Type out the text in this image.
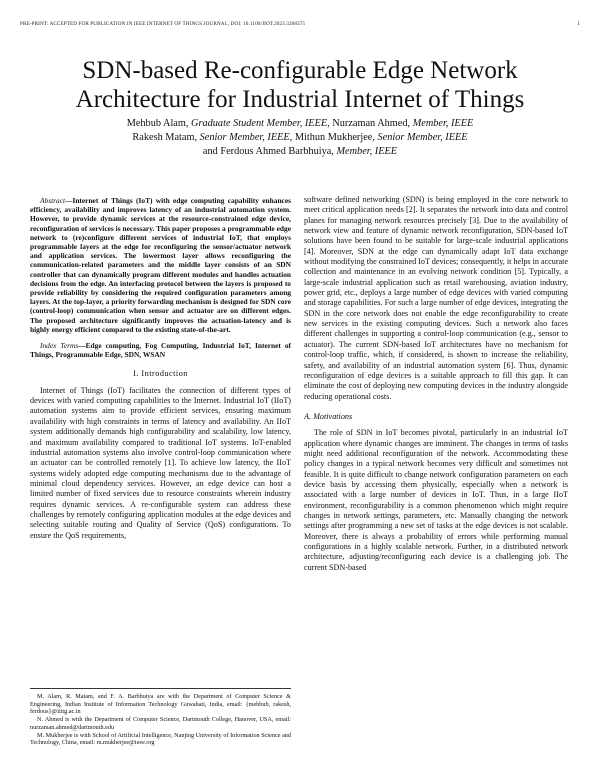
PRE-PRINT: ACCEPTED FOR PUBLICATION IN IEEE INTERNET OF THINGS JOURNAL, DOI: 10.1109/JIOT.2023.3268375	1
SDN-based Re-configurable Edge Network Architecture for Industrial Internet of Things
Mehbub Alam, Graduate Student Member, IEEE, Nurzaman Ahmed, Member, IEEE
Rakesh Matam, Senior Member, IEEE, Mithun Mukherjee, Senior Member, IEEE
and Ferdous Ahmed Barbhuiya, Member, IEEE
Abstract—Internet of Things (IoT) with edge computing capability enhances efficiency, availability and improves latency of an industrial automation system. However, to provide dynamic services at the resource-constrained edge device, reconfiguration of services is necessary. This paper proposes a programmable edge network to (re)configure different services of industrial IoT, that employs programmable layers at the edge for reconfiguring the sensor/actuator network and application services. The lowermost layer allows reconfiguring the communication-related parameters and the middle layer consists of an SDN controller that can dynamically program different modules and handles actuation decisions from the edge. An interfacing protocol between the layers is proposed to provide reliability by considering the required configuration parameters among layers. At the top-layer, a priority forwarding mechanism is designed for SDN core (control-loop) communication when sensor and actuator are on different edges. The proposed architecture significantly improves the actuation-latency and is highly energy efficient compared to the existing state-of-the-art.
Index Terms—Edge computing, Fog Computing, Industrial IoT, Internet of Things, Programmable Edge, SDN, WSAN
I. Introduction
Internet of Things (IoT) facilitates the connection of different types of devices with varied computing capabilities to the Internet. Industrial IoT (IIoT) automation systems aim to provide efficient services, ensuring maximum availability with high constraints in terms of latency and availability. An IIoT system additionally demands high configurability and scalability, low latency, and maximum availability compared to traditional IoT systems. IoT-enabled industrial automation systems also involve control-loop communication where an actuator can be controlled remotely [1]. To achieve low latency, the IIoT systems widely adopted edge computing mechanisms due to the advantage of minimal cloud dependency services. However, an edge device can host a limited number of fixed services due to resource constraints wherein industry requires dynamic services. A re-configurable system can address these challenges by remotely configuring application modules at the edge devices and selecting suitable routing and Quality of Service (QoS) configurations. To ensure the QoS requirements,
software defined networking (SDN) is being employed in the core network to meet critical application needs [2]. It separates the network into data and control planes for managing network resources precisely [3]. Due to the availability of network view and feature of dynamic network reconfiguration, SDN-based IoT solutions have been found to be suitable for large-scale industrial applications [4]. Moreover, SDN at the edge can dynamically adapt IoT data exchange without modifying the constrained IoT devices; consequently, it helps in accurate collection and maintenance in an evolving network condition [5]. Typically, a large-scale industrial application such as retail warehousing, aviation industry, power grid, etc., deploys a large number of edge devices with varied computing and storage capabilities. For such a large number of edge devices, integrating the SDN in the core network does not enable the edge reconfigurability to create new services in the existing computing devices. Such a network also faces different challenges in supporting a control-loop communication (e.g., sensor to actuator). The current SDN-based IoT architectures have no mechanism for control-loop traffic, which, if considered, is shown to increase the reliability, safety, and availability of an industrial automation system [6]. Thus, dynamic reconfiguration of edge devices is a suitable approach to fill this gap. It can eliminate the cost of deploying new computing devices in the industry alongside reducing operational costs.
A. Motivations
The role of SDN in IoT becomes pivotal, particularly in an industrial IoT application where dynamic changes are imminent. The changes in terms of tasks might need additional reconfiguration of the network. Accommodating these policy changes in a typical network becomes very difficult and sometimes not feasible. It is quite difficult to change network configuration parameters on each device basis by accessing them physically, especially when a network is associated with a large number of devices in IoT. Thus, in a large IIoT environment, reconfigurability is a common phenomenon which might require changes in network settings, parameters, etc. Manually changing the network settings after programming a new set of tasks at the edge devices is not scalable. Moreover, there is always a probability of errors while performing manual configurations in a highly scalable network. Further, in a distributed network architecture, adjusting/reconfiguring each device is a challenging job. The current SDN-based

M. Alam, R. Matam, and F. A. Barbhuiya are with the Department of Computer Science & Engineering, Indian Institute of Information Technology Guwahati, India, email: {mehbub, rakesh, ferdous}@iiitg.ac.in

N. Ahmed is with the Department of Computer Science, Dartmouth College, Hanover, USA, email: nurzaman.ahmed@dartmouth.edu

M. Mukherjee is with School of Artificial Intelligence, Nanjing University of Information Science and Technology, China, email: m.mukherjee@ieee.org
